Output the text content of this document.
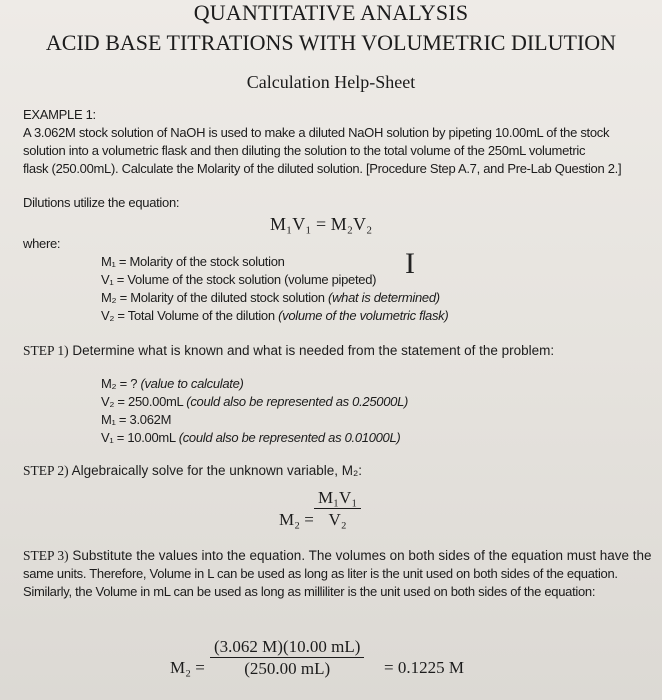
QUANTITATIVE ANALYSIS
ACID BASE TITRATIONS WITH VOLUMETRIC DILUTION
Calculation Help-Sheet
EXAMPLE 1:
A 3.062M stock solution of NaOH is used to make a diluted NaOH solution by pipeting 10.00mL of the stock
solution into a volumetric flask and then diluting the solution to the total volume of the 250mL volumetric
flask (250.00mL). Calculate the Molarity of the diluted solution. [Procedure Step A.7, and Pre-Lab Question 2.]
Dilutions utilize the equation:
M₁V₁ = M₂V₂
where:
I
M₁ = Molarity of the stock solution
V₁ = Volume of the stock solution (volume pipeted)
M₂ = Molarity of the diluted stock solution (what is determined)
V₂ = Total Volume of the dilution (volume of the volumetric flask)
STEP 1) Determine what is known and what is needed from the statement of the problem:
M₂ = ? (value to calculate)
V₂ = 250.00mL (could also be represented as 0.25000L)
M₁ = 3.062M
V₁ = 10.00mL (could also be represented as 0.01000L)
STEP 2) Algebraically solve for the unknown variable, M₂:
$M_2 = \frac{\text{M₁V₁}}{\text{V₂}}$
STEP 3) Substitute the values into the equation. The volumes on both sides of the equation must have the
same units. Therefore, Volume in L can be used as long as liter is the unit used on both sides of the equation.
Similarly, the Volume in mL can be used as long as milliliter is the unit used on both sides of the equation:
$M_2 = \frac{(3.062 M)(10.00 mL)}{(250.00 mL)} = 0.1225$ M
